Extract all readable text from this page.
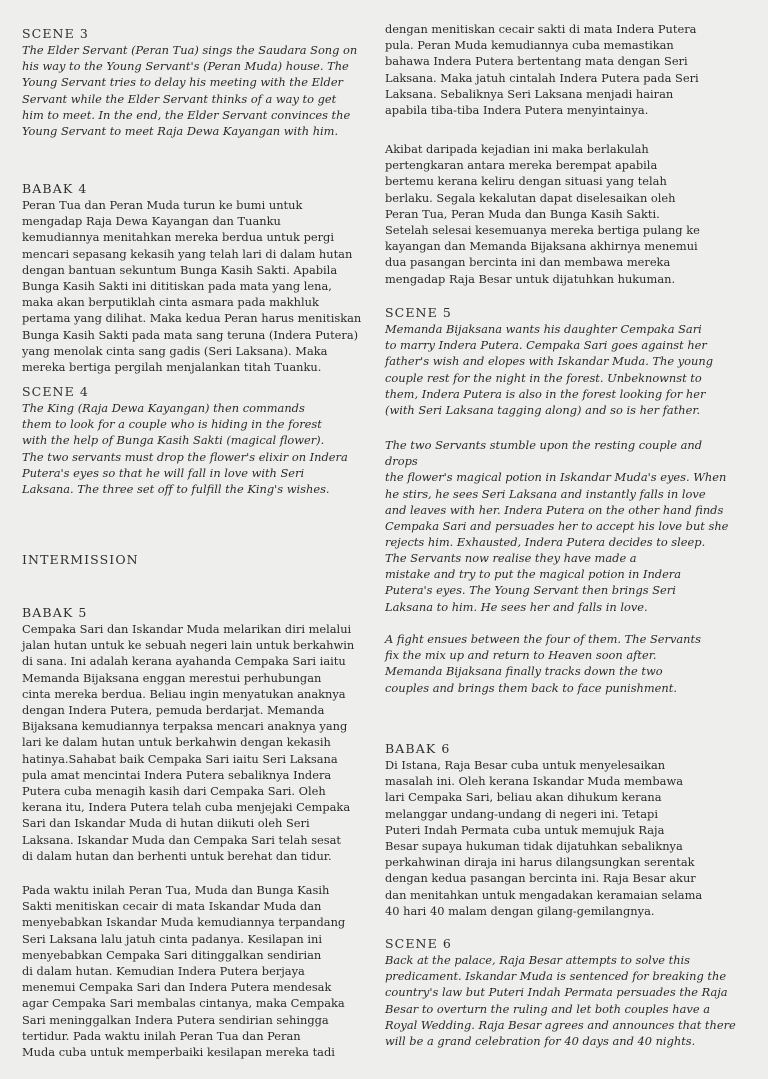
SCENE 3

The Elder Servant (Peran Tua) sings the Saudara Song on
his way to the Young Servant's (Peran Muda) house. The
Young Servant tries to delay his meeting with the Elder
Servant while the Elder Servant thinks of a way to get
him to meet. In the end, the Elder Servant convinces the
Young Servant to meet Raja Dewa Kayangan with him.

BABAK 4

Peran Tua dan Peran Muda turun ke bumi untuk
mengadap Raja Dewa Kayangan dan Tuanku
kemudiannya menitahkan mereka berdua untuk pergi
mencari sepasang kekasih yang telah lari di dalam hutan
dengan bantuan sekuntum Bunga Kasih Sakti. Apabila
Bunga Kasih Sakti ini dititiskan pada mata yang lena,
maka akan berputiklah cinta asmara pada makhluk
pertama yang dilihat. Maka kedua Peran harus menitiskan
Bunga Kasih Sakti pada mata sang teruna (Indera Putera)
yang menolak cinta sang gadis (Seri Laksana). Maka
mereka bertiga pergilah menjalankan titah Tuanku.

SCENE 4

The King (Raja Dewa Kayangan) then commands
them to look for a couple who is hiding in the forest
with the help of Bunga Kasih Sakti (magical flower).
The two servants must drop the flower's elixir on Indera
Putera's eyes so that he will fall in love with Seri
Laksana. The three set off to fulfill the King's wishes.

INTERMISSION

BABAK 5

Cempaka Sari dan Iskandar Muda melarikan diri melalui
jalan hutan untuk ke sebuah negeri lain untuk berkahwin
di sana. Ini adalah kerana ayahanda Cempaka Sari iaitu
Memanda Bijaksana enggan merestui perhubungan
cinta mereka berdua. Beliau ingin menyatukan anaknya
dengan Indera Putera, pemuda berdarjat. Memanda
Bijaksana kemudiannya terpaksa mencari anaknya yang
lari ke dalam hutan untuk berkahwin dengan kekasih
hatinya.Sahabat baik Cempaka Sari iaitu Seri Laksana
pula amat mencintai Indera Putera sebaliknya Indera
Putera cuba menagih kasih dari Cempaka Sari. Oleh
kerana itu, Indera Putera telah cuba menjejaki Cempaka
Sari dan Iskandar Muda di hutan diikuti oleh Seri
Laksana. Iskandar Muda dan Cempaka Sari telah sesat
di dalam hutan dan berhenti untuk berehat dan tidur.

Pada waktu inilah Peran Tua, Muda dan Bunga Kasih
Sakti menitiskan cecair di mata Iskandar Muda dan
menyebabkan Iskandar Muda kemudiannya terpandang
Seri Laksana lalu jatuh cinta padanya. Kesilapan ini
menyebabkan Cempaka Sari ditinggalkan sendirian
di dalam hutan. Kemudian Indera Putera berjaya
menemui Cempaka Sari dan Indera Putera mendesak
agar Cempaka Sari membalas cintanya, maka Cempaka
Sari meninggalkan Indera Putera sendirian sehingga
tertidur. Pada waktu inilah Peran Tua dan Peran
Muda cuba untuk memperbaiki kesilapan mereka tadi

dengan menitiskan cecair sakti di mata Indera Putera
pula. Peran Muda kemudiannya cuba memastikan
bahawa Indera Putera bertentang mata dengan Seri
Laksana. Maka jatuh cintalah Indera Putera pada Seri
Laksana. Sebaliknya Seri Laksana menjadi hairan
apabila tiba-tiba Indera Putera menyintainya.

Akibat daripada kejadian ini maka berlakulah
pertengkaran antara mereka berempat apabila
bertemu kerana keliru dengan situasi yang telah
berlaku. Segala kekalutan dapat diselesaikan oleh
Peran Tua, Peran Muda dan Bunga Kasih Sakti.
Setelah selesai kesemuanya mereka bertiga pulang ke
kayangan dan Memanda Bijaksana akhirnya menemui
dua pasangan bercinta ini dan membawa mereka
mengadap Raja Besar untuk dijatuhkan hukuman.

SCENE 5

Memanda Bijaksana wants his daughter Cempaka Sari
to marry Indera Putera. Cempaka Sari goes against her
father's wish and elopes with Iskandar Muda. The young
couple rest for the night in the forest. Unbeknownst to
them, Indera Putera is also in the forest looking for her
(with Seri Laksana tagging along) and so is her father.

The two Servants stumble upon the resting couple and drops
the flower's magical potion in Iskandar Muda's eyes. When
he stirs, he sees Seri Laksana and instantly falls in love
and leaves with her. Indera Putera on the other hand finds
Cempaka Sari and persuades her to accept his love but she
rejects him. Exhausted, Indera Putera decides to sleep.

The Servants now realise they have made a
mistake and try to put the magical potion in Indera
Putera's eyes. The Young Servant then brings Seri
Laksana to him. He sees her and falls in love.

A fight ensues between the four of them. The Servants
fix the mix up and return to Heaven soon after.
Memanda Bijaksana finally tracks down the two
couples and brings them back to face punishment.

BABAK 6

Di Istana, Raja Besar cuba untuk menyelesaikan
masalah ini. Oleh kerana Iskandar Muda membawa
lari Cempaka Sari, beliau akan dihukum kerana
melanggar undang-undang di negeri ini. Tetapi
Puteri Indah Permata cuba untuk memujuk Raja
Besar supaya hukuman tidak dijatuhkan sebaliknya
perkahwinan diraja ini harus dilangsungkan serentak
dengan kedua pasangan bercinta ini. Raja Besar akur
dan menitahkan untuk mengadakan keramaian selama
40 hari 40 malam dengan gilang-gemilangnya.

SCENE 6

Back at the palace, Raja Besar attempts to solve this
predicament. Iskandar Muda is sentenced for breaking the
country's law but Puteri Indah Permata persuades the Raja
Besar to overturn the ruling and let both couples have a
Royal Wedding. Raja Besar agrees and announces that there
will be a grand celebration for 40 days and 40 nights.
